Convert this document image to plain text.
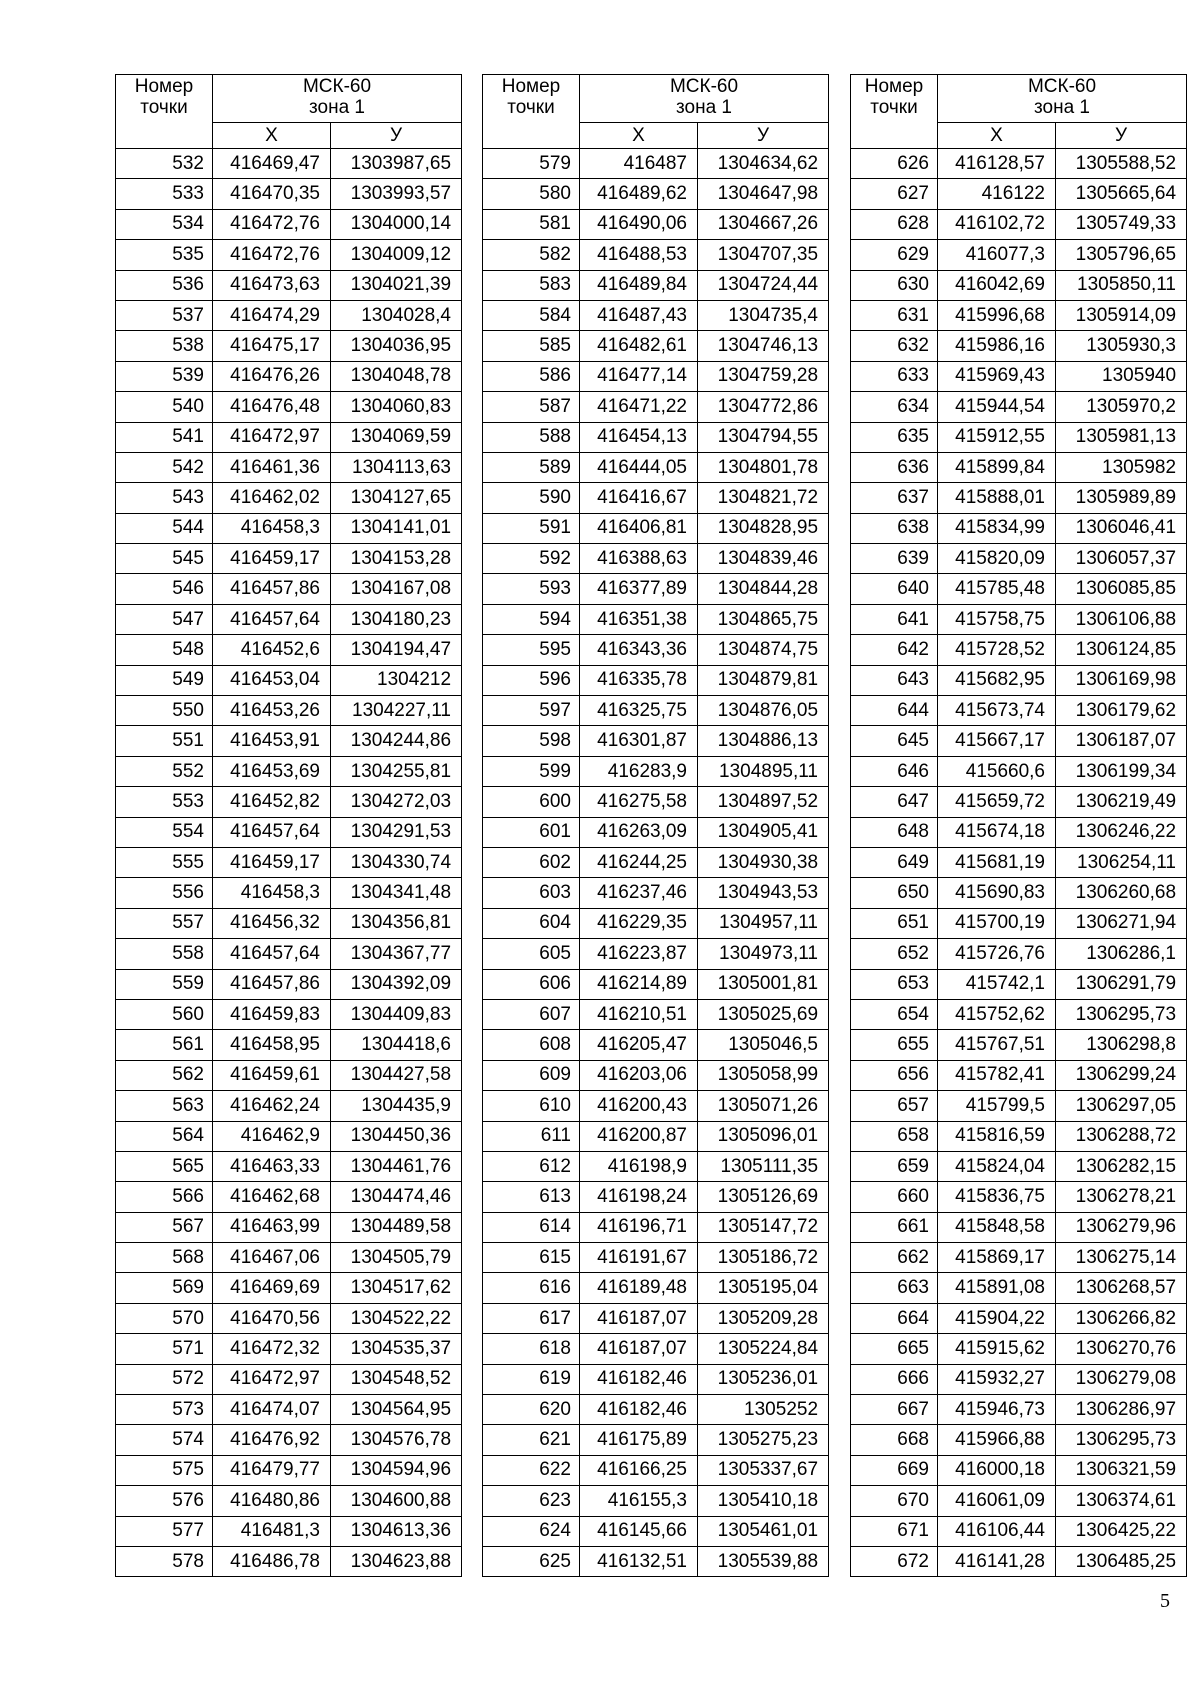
Номер
точки	МСК-60
зона 1	
	Х	У
532	416469,47	1303987,65
533	416470,35	1303993,57
534	416472,76	1304000,14
535	416472,76	1304009,12
536	416473,63	1304021,39
537	416474,29	1304028,4
538	416475,17	1304036,95
539	416476,26	1304048,78
540	416476,48	1304060,83
541	416472,97	1304069,59
542	416461,36	1304113,63
543	416462,02	1304127,65
544	416458,3	1304141,01
545	416459,17	1304153,28
546	416457,86	1304167,08
547	416457,64	1304180,23
548	416452,6	1304194,47
549	416453,04	1304212
550	416453,26	1304227,11
551	416453,91	1304244,86
552	416453,69	1304255,81
553	416452,82	1304272,03
554	416457,64	1304291,53
555	416459,17	1304330,74
556	416458,3	1304341,48
557	416456,32	1304356,81
558	416457,64	1304367,77
559	416457,86	1304392,09
560	416459,83	1304409,83
561	416458,95	1304418,6
562	416459,61	1304427,58
563	416462,24	1304435,9
564	416462,9	1304450,36
565	416463,33	1304461,76
566	416462,68	1304474,46
567	416463,99	1304489,58
568	416467,06	1304505,79
569	416469,69	1304517,62
570	416470,56	1304522,22
571	416472,32	1304535,37
572	416472,97	1304548,52
573	416474,07	1304564,95
574	416476,92	1304576,78
575	416479,77	1304594,96
576	416480,86	1304600,88
577	416481,3	1304613,36
578	416486,78	1304623,88
Номер
точки	МСК-60
зона 1	
	Х	У
579	416487	1304634,62
580	416489,62	1304647,98
581	416490,06	1304667,26
582	416488,53	1304707,35
583	416489,84	1304724,44
584	416487,43	1304735,4
585	416482,61	1304746,13
586	416477,14	1304759,28
587	416471,22	1304772,86
588	416454,13	1304794,55
589	416444,05	1304801,78
590	416416,67	1304821,72
591	416406,81	1304828,95
592	416388,63	1304839,46
593	416377,89	1304844,28
594	416351,38	1304865,75
595	416343,36	1304874,75
596	416335,78	1304879,81
597	416325,75	1304876,05
598	416301,87	1304886,13
599	416283,9	1304895,11
600	416275,58	1304897,52
601	416263,09	1304905,41
602	416244,25	1304930,38
603	416237,46	1304943,53
604	416229,35	1304957,11
605	416223,87	1304973,11
606	416214,89	1305001,81
607	416210,51	1305025,69
608	416205,47	1305046,5
609	416203,06	1305058,99
610	416200,43	1305071,26
611	416200,87	1305096,01
612	416198,9	1305111,35
613	416198,24	1305126,69
614	416196,71	1305147,72
615	416191,67	1305186,72
616	416189,48	1305195,04
617	416187,07	1305209,28
618	416187,07	1305224,84
619	416182,46	1305236,01
620	416182,46	1305252
621	416175,89	1305275,23
622	416166,25	1305337,67
623	416155,3	1305410,18
624	416145,66	1305461,01
625	416132,51	1305539,88
Номер
точки	МСК-60
зона 1	
	Х	У
626	416128,57	1305588,52
627	416122	1305665,64
628	416102,72	1305749,33
629	416077,3	1305796,65
630	416042,69	1305850,11
631	415996,68	1305914,09
632	415986,16	1305930,3
633	415969,43	1305940
634	415944,54	1305970,2
635	415912,55	1305981,13
636	415899,84	1305982
637	415888,01	1305989,89
638	415834,99	1306046,41
639	415820,09	1306057,37
640	415785,48	1306085,85
641	415758,75	1306106,88
642	415728,52	1306124,85
643	415682,95	1306169,98
644	415673,74	1306179,62
645	415667,17	1306187,07
646	415660,6	1306199,34
647	415659,72	1306219,49
648	415674,18	1306246,22
649	415681,19	1306254,11
650	415690,83	1306260,68
651	415700,19	1306271,94
652	415726,76	1306286,1
653	415742,1	1306291,79
654	415752,62	1306295,73
655	415767,51	1306298,8
656	415782,41	1306299,24
657	415799,5	1306297,05
658	415816,59	1306288,72
659	415824,04	1306282,15
660	415836,75	1306278,21
661	415848,58	1306279,96
662	415869,17	1306275,14
663	415891,08	1306268,57
664	415904,22	1306266,82
665	415915,62	1306270,76
666	415932,27	1306279,08
667	415946,73	1306286,97
668	415966,88	1306295,73
669	416000,18	1306321,59
670	416061,09	1306374,61
671	416106,44	1306425,22
672	416141,28	1306485,25
5
